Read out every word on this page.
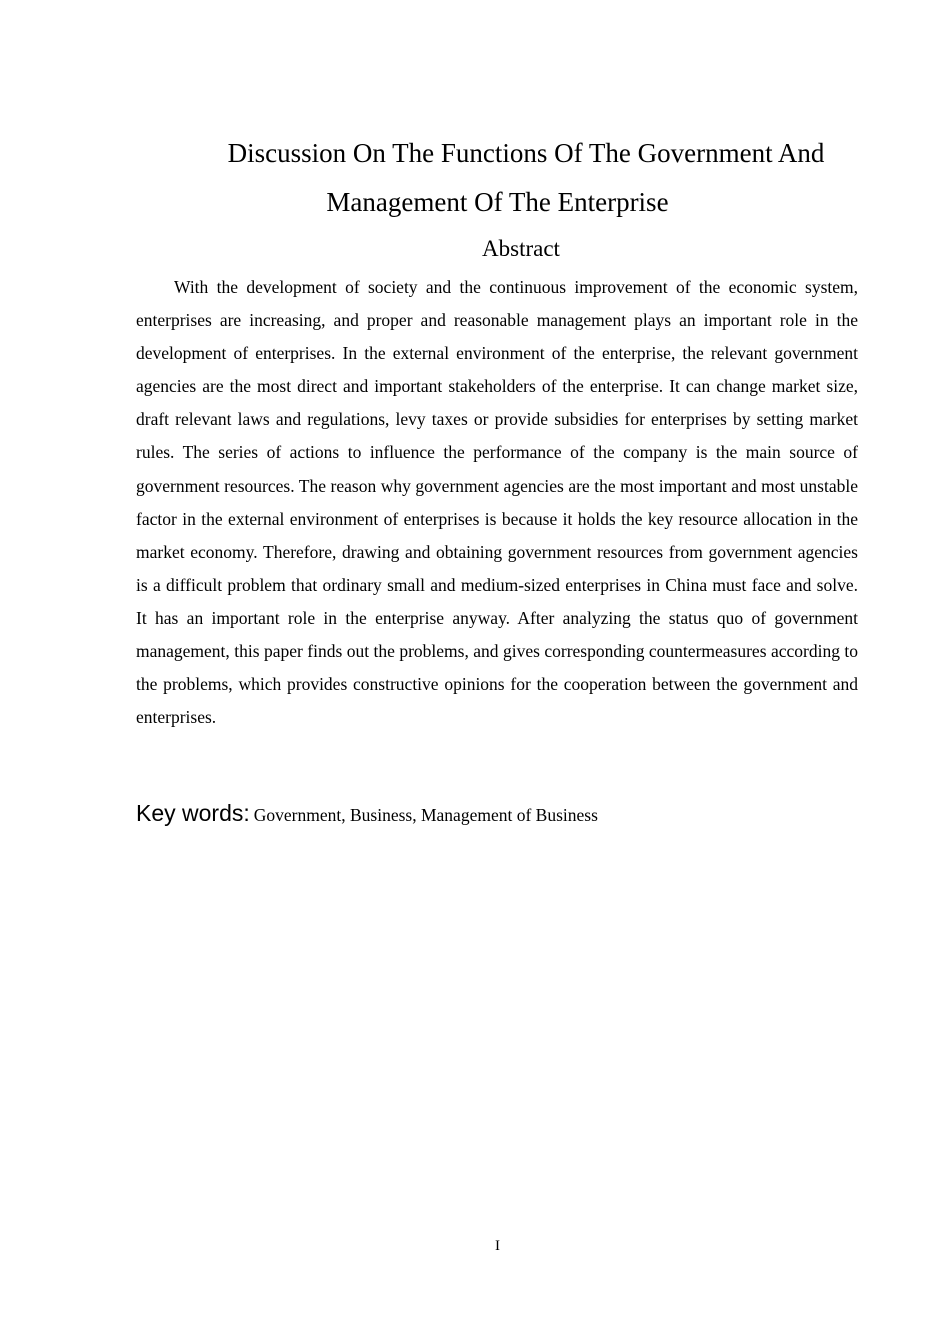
Discussion On The Functions Of The Government And
Management Of The Enterprise
Abstract

With the development of society and the continuous improvement of the economic system, enterprises are increasing, and proper and reasonable management plays an important role in the development of enterprises. In the external environment of the enterprise, the relevant government agencies are the most direct and important stakeholders of the enterprise. It can change market size, draft relevant laws and regulations, levy taxes or provide subsidies for enterprises by setting market rules. The series of actions to influence the performance of the company is the main source of government resources. The reason why government agencies are the most important and most unstable factor in the external environment of enterprises is because it holds the key resource allocation in the market economy. Therefore, drawing and obtaining government resources from government agencies is a difficult problem that ordinary small and medium-sized enterprises in China must face and solve. It has an important role in the enterprise anyway. After analyzing the status quo of government management, this paper finds out the problems, and gives corresponding countermeasures according to the problems, which provides constructive opinions for the cooperation between the government and enterprises.

Key words: Government, Business, Management of Business
I
